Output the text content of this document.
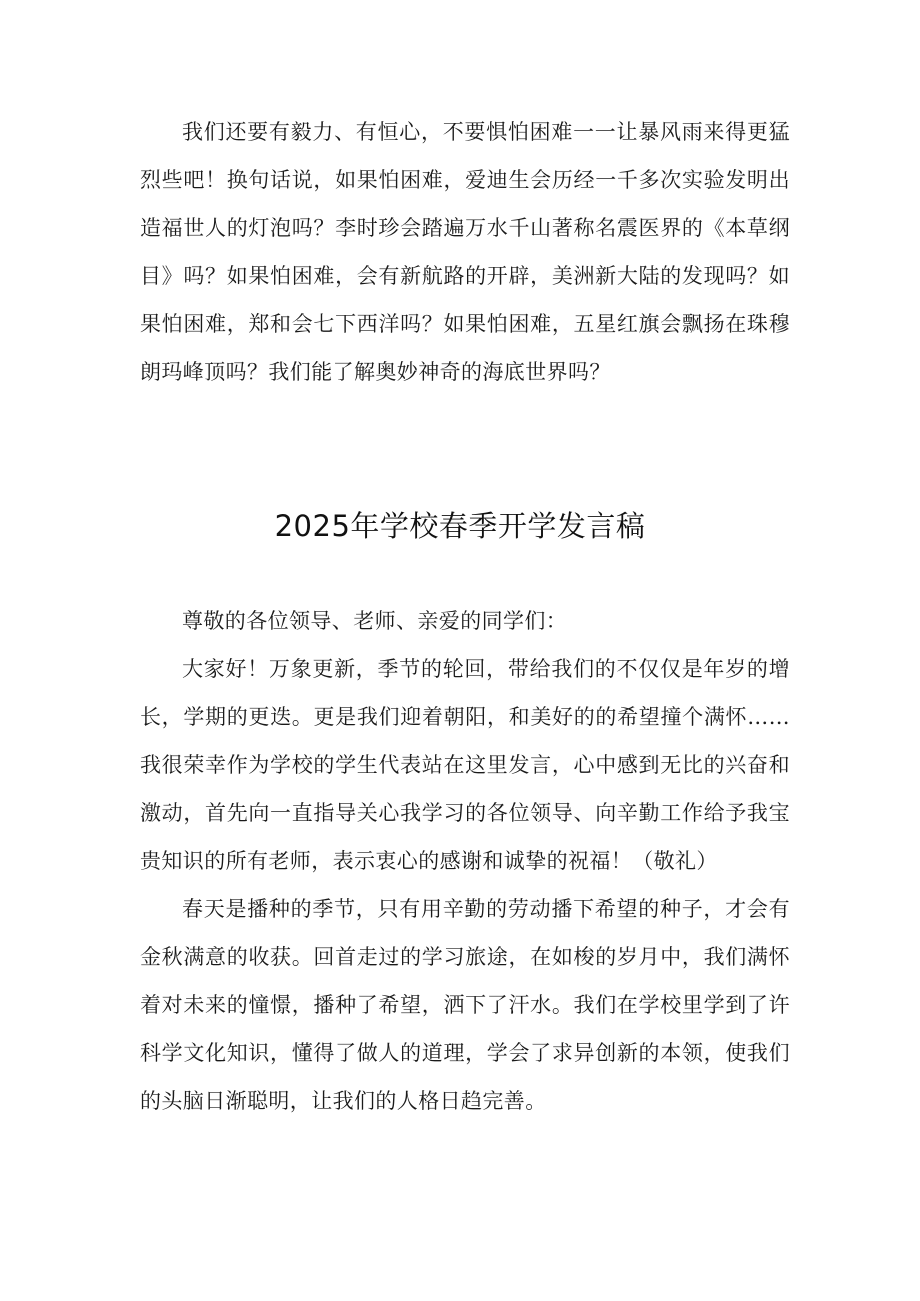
我们还要有毅力、有恒心，不要惧怕困难一一让暴风雨来得更猛烈些吧！换句话说，如果怕困难，爱迪生会历经一千多次实验发明出造福世人的灯泡吗？李时珍会踏遍万水千山著称名震医界的《本草纲目》吗？如果怕困难，会有新航路的开辟，美洲新大陆的发现吗？如果怕困难，郑和会七下西洋吗？如果怕困难，五星红旗会飘扬在珠穆朗玛峰顶吗？我们能了解奥妙神奇的海底世界吗？

2025年学校春季开学发言稿

尊敬的各位领导、老师、亲爱的同学们：

大家好！万象更新，季节的轮回，带给我们的不仅仅是年岁的增长，学期的更迭。更是我们迎着朝阳，和美好的的希望撞个满怀……我很荣幸作为学校的学生代表站在这里发言，心中感到无比的兴奋和激动，首先向一直指导关心我学习的各位领导、向辛勤工作给予我宝贵知识的所有老师，表示衷心的感谢和诚挚的祝福！（敬礼）

春天是播种的季节，只有用辛勤的劳动播下希望的种子，才会有金秋满意的收获。回首走过的学习旅途，在如梭的岁月中，我们满怀着对未来的憧憬，播种了希望，洒下了汗水。我们在学校里学到了许科学文化知识，懂得了做人的道理，学会了求异创新的本领，使我们的头脑日渐聪明，让我们的人格日趋完善。
